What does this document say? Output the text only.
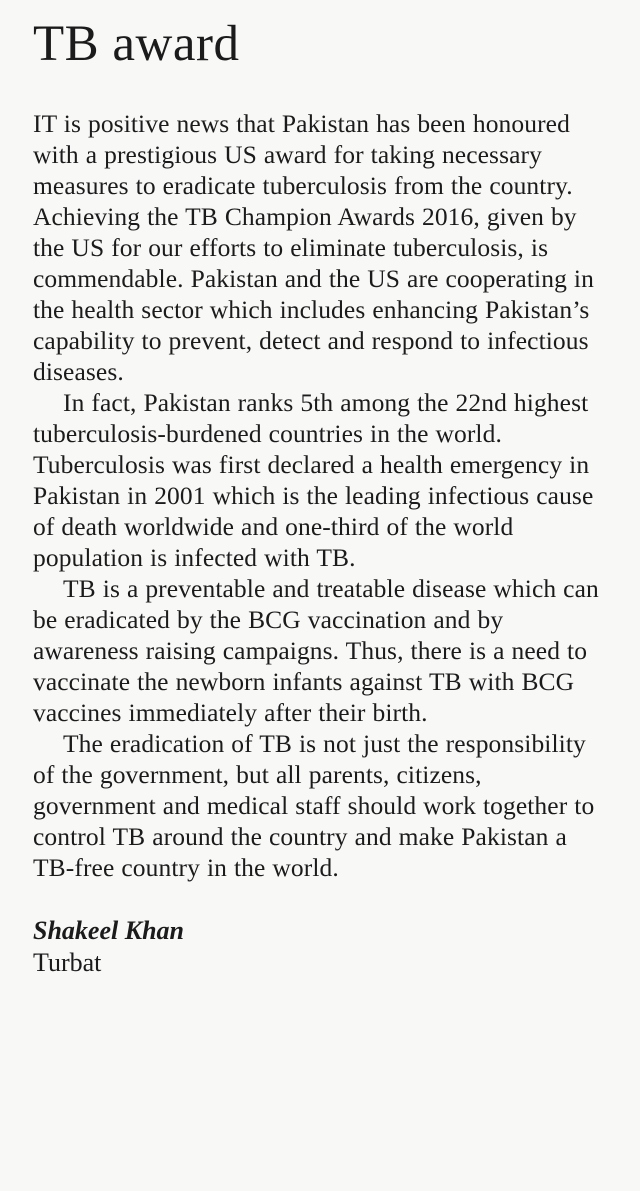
TB award

IT is positive news that Pakistan has been honoured with a prestigious US award for taking necessary measures to eradicate tuberculosis from the country. Achieving the TB Champion Awards 2016, given by the US for our efforts to eliminate tuberculosis, is commendable. Pakistan and the US are cooperating in the health sector which includes enhancing Pakistan’s capability to prevent, detect and respond to infectious diseases.

In fact, Pakistan ranks 5th among the 22nd highest tuberculosis-burdened countries in the world. Tuberculosis was first declared a health emergency in Pakistan in 2001 which is the leading infectious cause of death worldwide and one-third of the world population is infected with TB.

TB is a preventable and treatable disease which can be eradicated by the BCG vaccination and by awareness raising campaigns. Thus, there is a need to vaccinate the newborn infants against TB with BCG vaccines immediately after their birth.

The eradication of TB is not just the responsibility of the government, but all parents, citizens, government and medical staff should work together to control TB around the country and make Pakistan a TB-free country in the world.

Shakeel Khan
Turbat
